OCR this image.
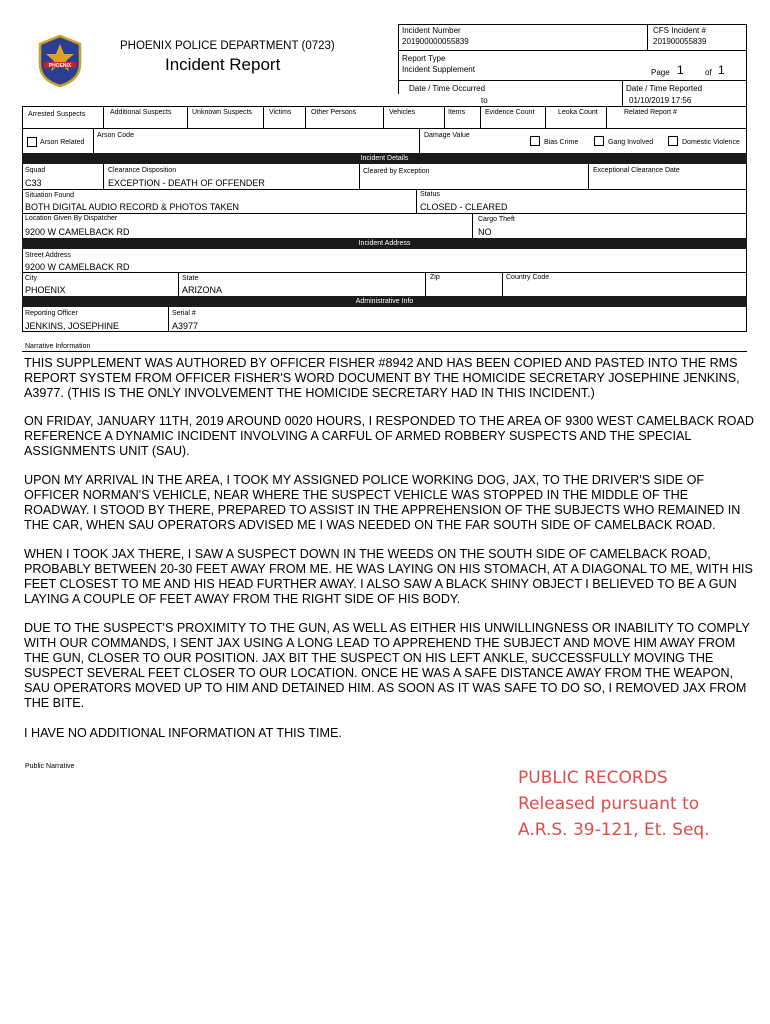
PHOENIX
PHOENIX POLICE DEPARTMENT (0723)
Incident Report
Incident Number
201900000055839
CFS Incident #
201900055839
Report Type
Incident Supplement	Page 1	of 1
Date / Time Occurred
to
Date / Time Reported
01/10/2019 17:56
Arrested Suspects	Additional Suspects	Unknown Suspects Victims	Other Persons	Vehicles	Items	Evidence Count	Leoka Count	Related Report #
Arson Related
Arson Code	Damage Value
Bias Crime	Gang Involved	Domestic Violence
Incident Details
Squad
C33
Clearance Disposition
EXCEPTION - DEATH OF OFFENDER
Cleared by Exception	Exceptional Clearance Date
Situation Found
BOTH DIGITAL AUDIO RECORD & PHOTOS TAKEN
Status
CLOSED - CLEARED
Location Given By Dispatcher
9200 W CAMELBACK RD
Cargo Theft
NO
Incident Address
Street Address
9200 W CAMELBACK RD
City
PHOENIX
State
ARIZONA
Zip	Country Code
Administrative Info
Reporting Officer
JENKINS, JOSEPHINE
Serial #
A3977
Narrative Information
THIS SUPPLEMENT WAS AUTHORED BY OFFICER FISHER #8942 AND HAS BEEN COPIED AND PASTED INTO THE RMS REPORT SYSTEM FROM OFFICER FISHER'S WORD DOCUMENT BY THE HOMICIDE SECRETARY JOSEPHINE JENKINS, A3977. (THIS IS THE ONLY INVOLVEMENT THE HOMICIDE SECRETARY HAD IN THIS INCIDENT.)
ON FRIDAY, JANUARY 11TH, 2019 AROUND 0020 HOURS, I RESPONDED TO THE AREA OF 9300 WEST CAMELBACK ROAD REFERENCE A DYNAMIC INCIDENT INVOLVING A CARFUL OF ARMED ROBBERY SUSPECTS AND THE SPECIAL ASSIGNMENTS UNIT (SAU).
UPON MY ARRIVAL IN THE AREA, I TOOK MY ASSIGNED POLICE WORKING DOG, JAX, TO THE DRIVER'S SIDE OF OFFICER NORMAN'S VEHICLE, NEAR WHERE THE SUSPECT VEHICLE WAS STOPPED IN THE MIDDLE OF THE ROADWAY. I STOOD BY THERE, PREPARED TO ASSIST IN THE APPREHENSION OF THE SUBJECTS WHO REMAINED IN THE CAR, WHEN SAU OPERATORS ADVISED ME I WAS NEEDED ON THE FAR SOUTH SIDE OF CAMELBACK ROAD.
WHEN I TOOK JAX THERE, I SAW A SUSPECT DOWN IN THE WEEDS ON THE SOUTH SIDE OF CAMELBACK ROAD, PROBABLY BETWEEN 20-30 FEET AWAY FROM ME. HE WAS LAYING ON HIS STOMACH, AT A DIAGONAL TO ME, WITH HIS FEET CLOSEST TO ME AND HIS HEAD FURTHER AWAY. I ALSO SAW A BLACK SHINY OBJECT I BELIEVED TO BE A GUN LAYING A COUPLE OF FEET AWAY FROM THE RIGHT SIDE OF HIS BODY.
DUE TO THE SUSPECT'S PROXIMITY TO THE GUN, AS WELL AS EITHER HIS UNWILLINGNESS OR INABILITY TO COMPLY WITH OUR COMMANDS, I SENT JAX USING A LONG LEAD TO APPREHEND THE SUBJECT AND MOVE HIM AWAY FROM THE GUN, CLOSER TO OUR POSITION. JAX BIT THE SUSPECT ON HIS LEFT ANKLE, SUCCESSFULLY MOVING THE SUSPECT SEVERAL FEET CLOSER TO OUR LOCATION. ONCE HE WAS A SAFE DISTANCE AWAY FROM THE WEAPON, SAU OPERATORS MOVED UP TO HIM AND DETAINED HIM. AS SOON AS IT WAS SAFE TO DO SO, I REMOVED JAX FROM THE BITE.
I HAVE NO ADDITIONAL INFORMATION AT THIS TIME.
Public Narrative
PUBLIC RECORDS
Released pursuant to
A.R.S. 39-121, Et. Seq.
